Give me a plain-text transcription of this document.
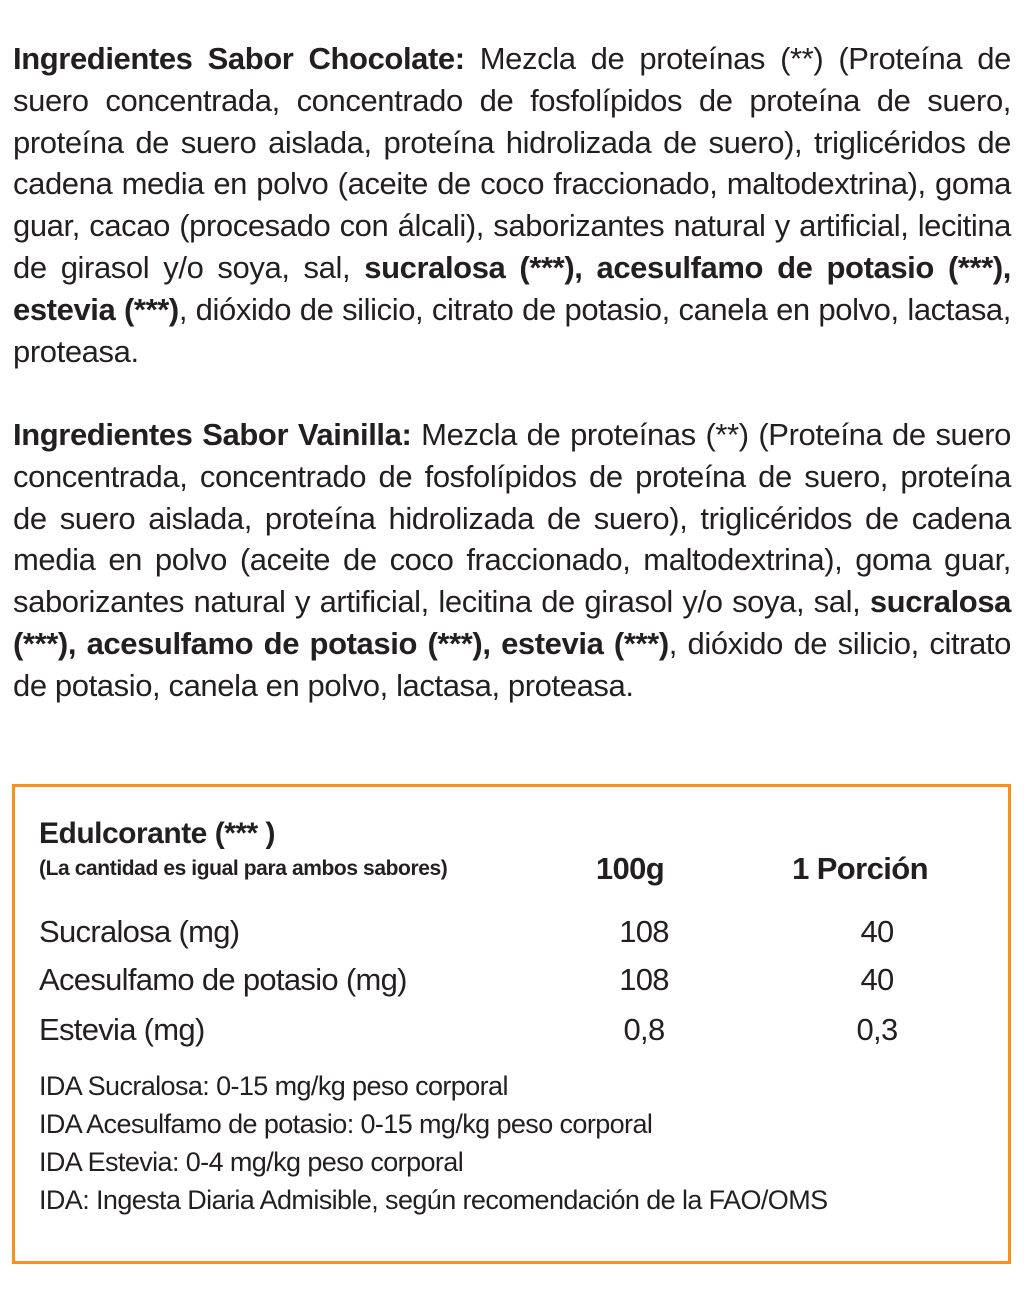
Ingredientes Sabor Chocolate: Mezcla de proteínas (**) (Proteína de suero concentrada, concentrado de fosfolípidos de proteína de suero, proteína de suero aislada, proteína hidrolizada de suero), triglicéridos de cadena media en polvo (aceite de coco fraccionado, maltodextrina), goma guar, cacao (procesado con álcali), saborizantes natural y artificial, lecitina de girasol y/o soya, sal, sucralosa (***), acesulfamo de potasio (***), estevia (***), dióxido de silicio, citrato de potasio, canela en polvo, lactasa, proteasa.
Ingredientes Sabor Vainilla: Mezcla de proteínas (**) (Proteína de suero concentrada, concentrado de fosfolípidos de proteína de suero, proteína de suero aislada, proteína hidrolizada de suero), triglicéridos de cadena media en polvo (aceite de coco fraccionado, maltodextrina), goma guar, saborizantes natural y artificial, lecitina de girasol y/o soya, sal, sucralosa (***), acesulfamo de potasio (***), estevia (***), dióxido de silicio, citrato de potasio, canela en polvo, lactasa, proteasa.
Edulcorante (*** )
(La cantidad es igual para ambos sabores)	100g	1 Porción
Sucralosa (mg)	108	40
Acesulfamo de potasio (mg)	108	40
Estevia (mg)	0,8	0,3
IDA Sucralosa: 0-15 mg/kg peso corporal
IDA Acesulfamo de potasio: 0-15 mg/kg peso corporal
IDA Estevia: 0-4 mg/kg peso corporal
IDA: Ingesta Diaria Admisible, según recomendación de la FAO/OMS
